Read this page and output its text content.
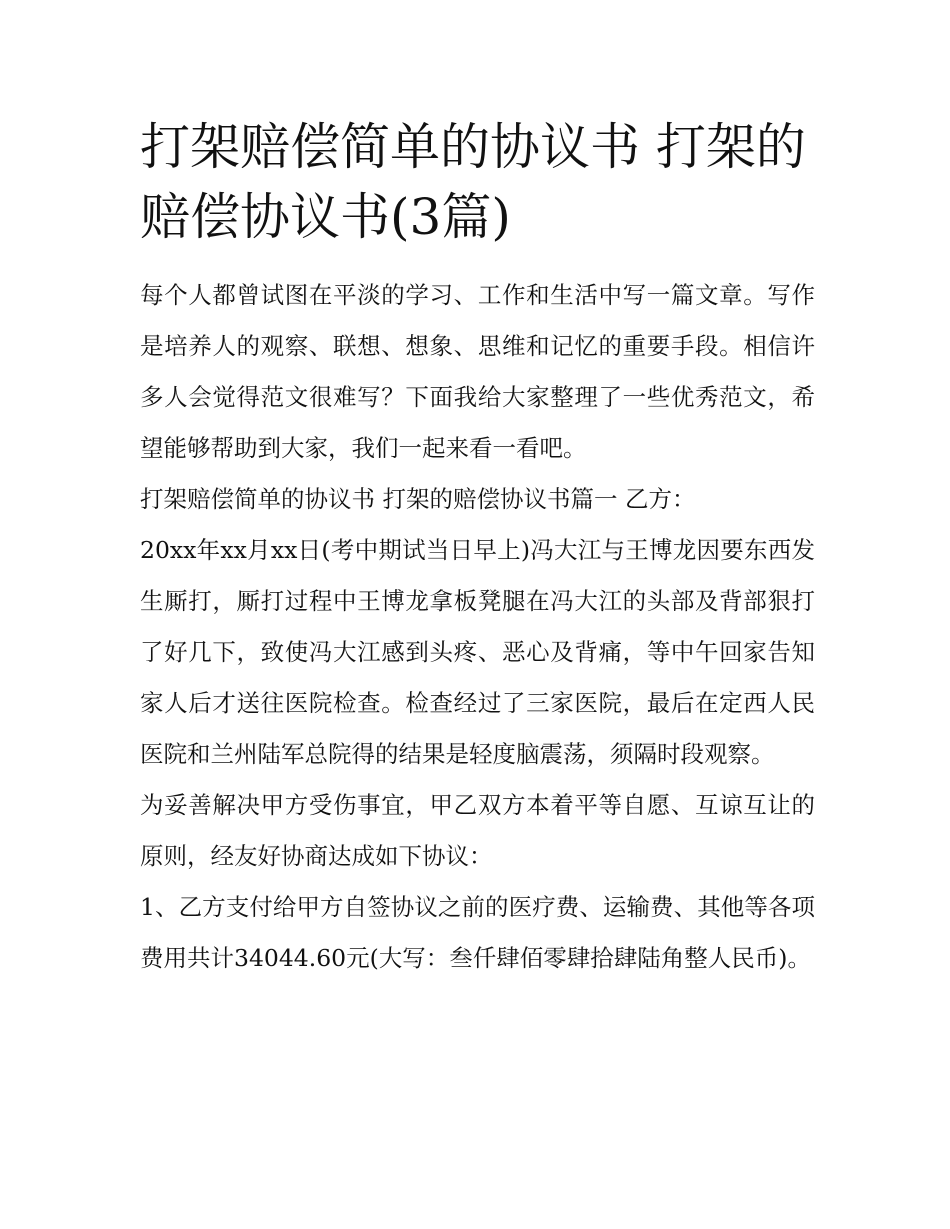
打架赔偿简单的协议书 打架的赔偿协议书(3篇)

每个人都曾试图在平淡的学习、工作和生活中写一篇文章。写作是培养人的观察、联想、想象、思维和记忆的重要手段。相信许多人会觉得范文很难写？下面我给大家整理了一些优秀范文，希望能够帮助到大家，我们一起来看一看吧。

打架赔偿简单的协议书 打架的赔偿协议书篇一 乙方：

20xx年xx月xx日(考中期试当日早上)冯大江与王博龙因要东西发生厮打，厮打过程中王博龙拿板凳腿在冯大江的头部及背部狠打了好几下，致使冯大江感到头疼、恶心及背痛，等中午回家告知家人后才送往医院检查。检查经过了三家医院，最后在定西人民医院和兰州陆军总院得的结果是轻度脑震荡，须隔时段观察。

为妥善解决甲方受伤事宜，甲乙双方本着平等自愿、互谅互让的原则，经友好协商达成如下协议：

1、乙方支付给甲方自签协议之前的医疗费、运输费、其他等各项费用共计34044.60元(大写：叁仟肆佰零肆拾肆陆角整人民币)。
